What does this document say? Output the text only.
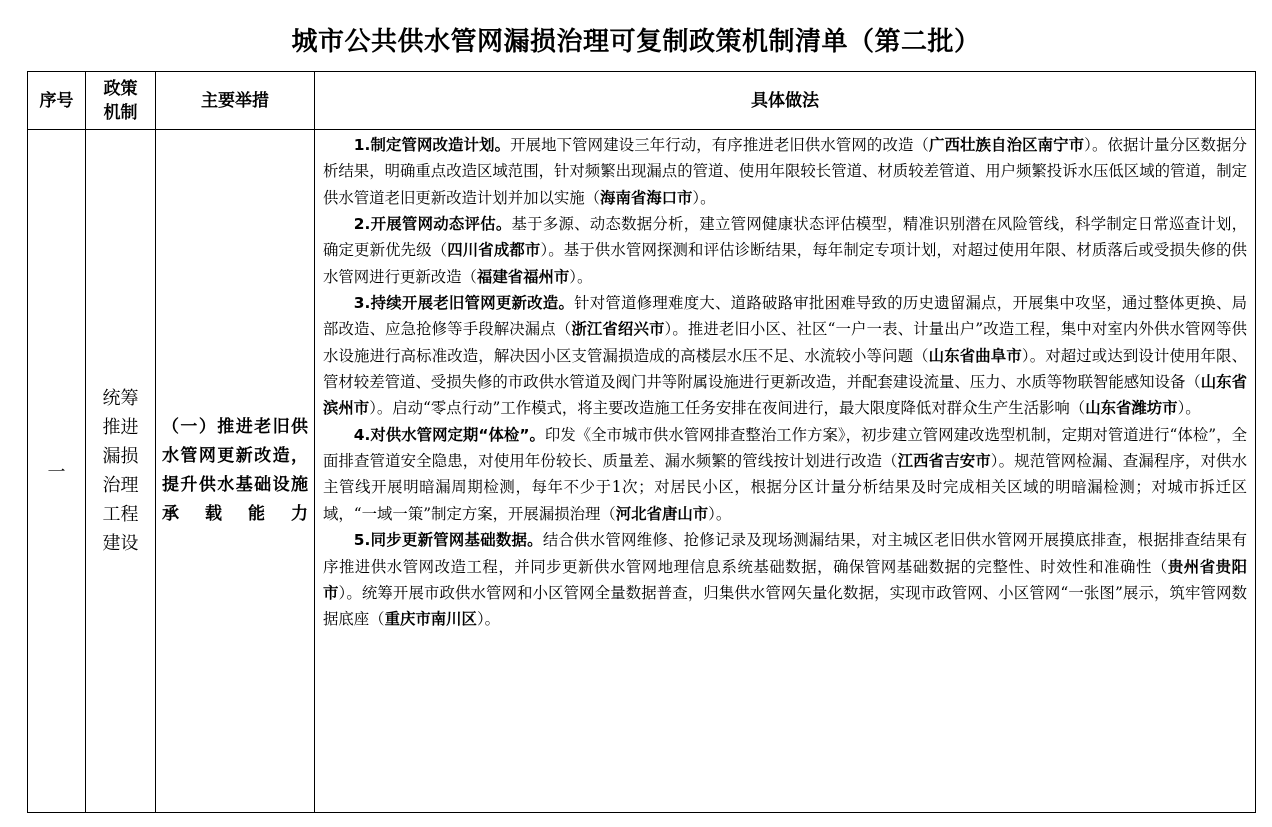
城市公共供水管网漏损治理可复制政策机制清单（第二批）
序号	政策机制	主要举措	具体做法
一	统筹推进漏损治理工程建设	（一）推进老旧供水管网更新改造，提升供水基础设施承载能力	1.制定管网改造计划。开展地下管网建设三年行动，有序推进老旧供水管网的改造（广西壮族自治区南宁市）。依据计量分区数据分析结果，明确重点改造区域范围，针对频繁出现漏点的管道、使用年限较长管道、材质较差管道、用户频繁投诉水压低区域的管道，制定供水管道老旧更新改造计划并加以实施（海南省海口市）。

2.开展管网动态评估。基于多源、动态数据分析，建立管网健康状态评估模型，精准识别潜在风险管线，科学制定日常巡查计划，确定更新优先级（四川省成都市）。基于供水管网探测和评估诊断结果，每年制定专项计划，对超过使用年限、材质落后或受损失修的供水管网进行更新改造（福建省福州市）。

3.持续开展老旧管网更新改造。针对管道修理难度大、道路破路审批困难导致的历史遗留漏点，开展集中攻坚，通过整体更换、局部改造、应急抢修等手段解决漏点（浙江省绍兴市）。推进老旧小区、社区“一户一表、计量出户”改造工程，集中对室内外供水管网等供水设施进行高标准改造，解决因小区支管漏损造成的高楼层水压不足、水流较小等问题（山东省曲阜市）。对超过或达到设计使用年限、管材较差管道、受损失修的市政供水管道及阀门井等附属设施进行更新改造，并配套建设流量、压力、水质等物联智能感知设备（山东省滨州市）。启动“零点行动”工作模式，将主要改造施工任务安排在夜间进行，最大限度降低对群众生产生活影响（山东省潍坊市）。

4.对供水管网定期“体检”。印发《全市城市供水管网排查整治工作方案》，初步建立管网建改选型机制，定期对管道进行“体检”，全面排查管道安全隐患，对使用年份较长、质量差、漏水频繁的管线按计划进行改造（江西省吉安市）。规范管网检漏、查漏程序，对供水主管线开展明暗漏周期检测，每年不少于1次；对居民小区，根据分区计量分析结果及时完成相关区域的明暗漏检测；对城市拆迁区域，“一域一策”制定方案，开展漏损治理（河北省唐山市）。

5.同步更新管网基础数据。结合供水管网维修、抢修记录及现场测漏结果，对主城区老旧供水管网开展摸底排查，根据排查结果有序推进供水管网改造工程，并同步更新供水管网地理信息系统基础数据，确保管网基础数据的完整性、时效性和准确性（贵州省贵阳市）。统筹开展市政供水管网和小区管网全量数据普查，归集供水管网矢量化数据，实现市政管网、小区管网“一张图”展示，筑牢管网数据底座（重庆市南川区）。
